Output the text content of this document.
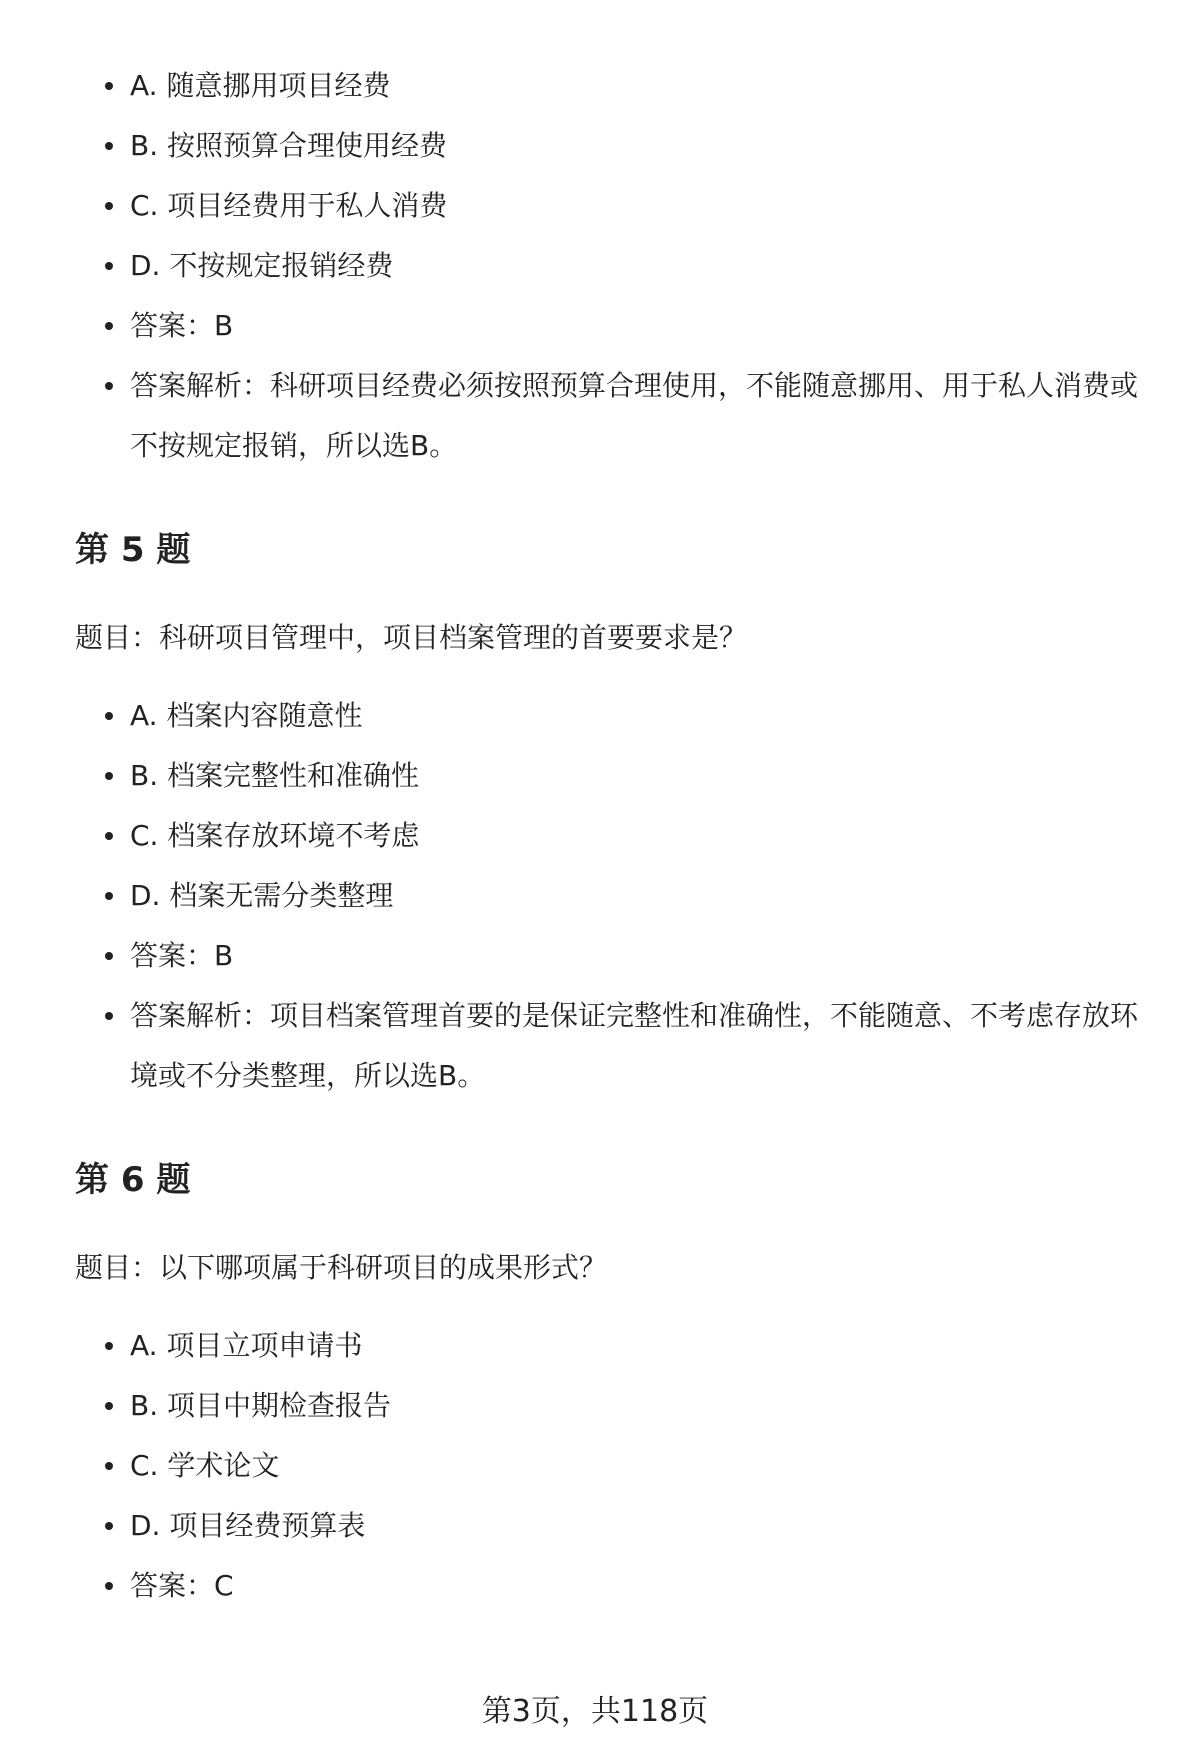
A. 随意挪用项目经费
B. 按照预算合理使用经费
C. 项目经费用于私人消费
D. 不按规定报销经费
答案：B
答案解析：科研项目经费必须按照预算合理使用，不能随意挪用、用于私人消费或不按规定报销，所以选B。
第 5 题
题目：科研项目管理中，项目档案管理的首要要求是？
A. 档案内容随意性
B. 档案完整性和准确性
C. 档案存放环境不考虑
D. 档案无需分类整理
答案：B
答案解析：项目档案管理首要的是保证完整性和准确性，不能随意、不考虑存放环境或不分类整理，所以选B。
第 6 题
题目：以下哪项属于科研项目的成果形式？
A. 项目立项申请书
B. 项目中期检查报告
C. 学术论文
D. 项目经费预算表
答案：C
第3页，共118页
